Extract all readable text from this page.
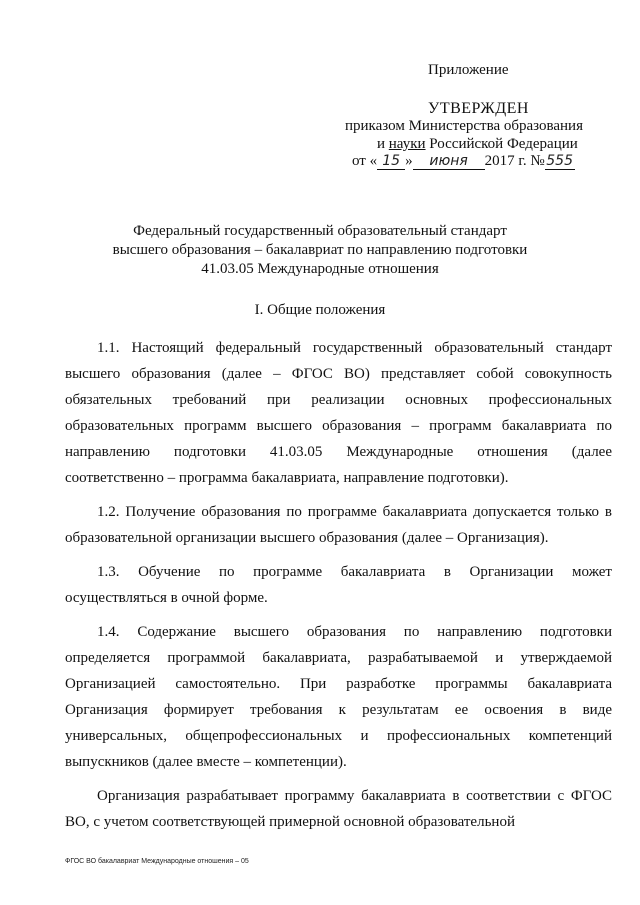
Приложение
УТВЕРЖДЕН
приказом Министерства образования
и науки Российской Федерации
от « 15 » июня 2017 г. № 555
Федеральный государственный образовательный стандарт
высшего образования – бакалавриат по направлению подготовки
41.03.05 Международные отношения
I. Общие положения

1.1. Настоящий федеральный государственный образовательный стандарт высшего образования (далее – ФГОС ВО) представляет собой совокупность обязательных требований при реализации основных профессиональных образовательных программ высшего образования – программ бакалавриата по направлению подготовки 41.03.05 Международные отношения (далее соответственно – программа бакалавриата, направление подготовки).

1.2. Получение образования по программе бакалавриата допускается только в образовательной организации высшего образования (далее – Организация).

1.3. Обучение по программе бакалавриата в Организации может осуществляться в очной форме.

1.4. Содержание высшего образования по направлению подготовки определяется программой бакалавриата, разрабатываемой и утверждаемой Организацией самостоятельно. При разработке программы бакалавриата Организация формирует требования к результатам ее освоения в виде универсальных, общепрофессиональных и профессиональных компетенций выпускников (далее вместе – компетенции).

Организация разрабатывает программу бакалавриата в соответствии с ФГОС ВО, с учетом соответствующей примерной основной образовательной

ФГОС ВО бакалавриат Международные отношения – 05
